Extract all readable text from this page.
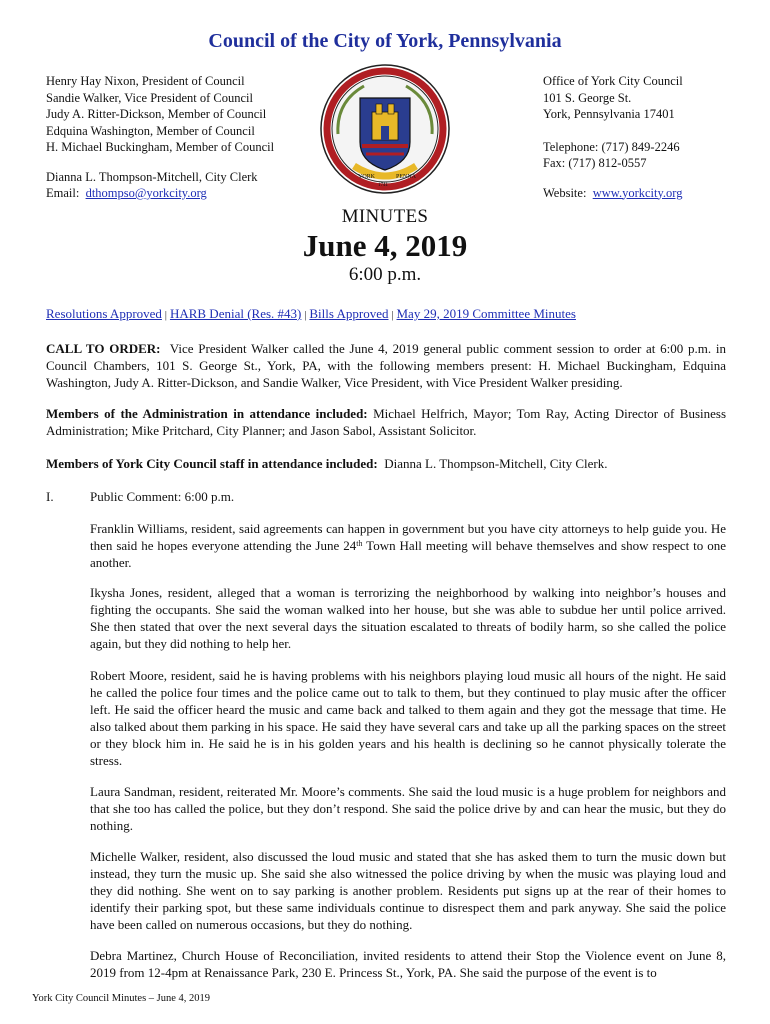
Council of the City of York, Pennsylvania
Henry Hay Nixon, President of Council
Sandie Walker, Vice President of Council
Judy A. Ritter-Dickson, Member of Council
Edquina Washington, Member of Council
H. Michael Buckingham, Member of Council
Dianna L. Thompson-Mitchell, City Clerk
Email: dthompso@yorkcity.org
YORK	PENNA
1741
Office of York City Council
101 S. George St.
York, Pennsylvania 17401
Telephone: (717) 849-2246
Fax: (717) 812-0557
Website: www.yorkcity.org
MINUTES
June 4, 2019
6:00 p.m.
Resolutions Approved | HARB Denial (Res. #43) | Bills Approved | May 29, 2019 Committee Minutes
CALL TO ORDER: Vice President Walker called the June 4, 2019 general public comment session to order at 6:00 p.m. in Council Chambers, 101 S. George St., York, PA, with the following members present: H. Michael Buckingham, Edquina Washington, Judy A. Ritter-Dickson, and Sandie Walker, Vice President, with Vice President Walker presiding.
Members of the Administration in attendance included: Michael Helfrich, Mayor; Tom Ray, Acting Director of Business Administration; Mike Pritchard, City Planner; and Jason Sabol, Assistant Solicitor.
Members of York City Council staff in attendance included: Dianna L. Thompson-Mitchell, City Clerk.
I.	Public Comment: 6:00 p.m.
Franklin Williams, resident, said agreements can happen in government but you have city attorneys to help guide you. He then said he hopes everyone attending the June 24th Town Hall meeting will behave themselves and show respect to one another.
Ikysha Jones, resident, alleged that a woman is terrorizing the neighborhood by walking into neighbor’s houses and fighting the occupants. She said the woman walked into her house, but she was able to subdue her until police arrived. She then stated that over the next several days the situation escalated to threats of bodily harm, so she called the police again, but they did nothing to help her.
Robert Moore, resident, said he is having problems with his neighbors playing loud music all hours of the night. He said he called the police four times and the police came out to talk to them, but they continued to play music after the officer left. He said the officer heard the music and came back and talked to them again and they got the message that time. He also talked about them parking in his space. He said they have several cars and take up all the parking spaces on the street or they block him in. He said he is in his golden years and his health is declining so he cannot physically tolerate the stress.
Laura Sandman, resident, reiterated Mr. Moore’s comments. She said the loud music is a huge problem for neighbors and that she too has called the police, but they don’t respond. She said the police drive by and can hear the music, but they do nothing.
Michelle Walker, resident, also discussed the loud music and stated that she has asked them to turn the music down but instead, they turn the music up. She said she also witnessed the police driving by when the music was playing loud and they did nothing. She went on to say parking is another problem. Residents put signs up at the rear of their homes to identify their parking spot, but these same individuals continue to disrespect them and park anyway. She said the police have been called on numerous occasions, but they do nothing.
Debra Martinez, Church House of Reconciliation, invited residents to attend their Stop the Violence event on June 8, 2019 from 12-4pm at Renaissance Park, 230 E. Princess St., York, PA. She said the purpose of the event is to
York City Council Minutes – June 4, 2019
